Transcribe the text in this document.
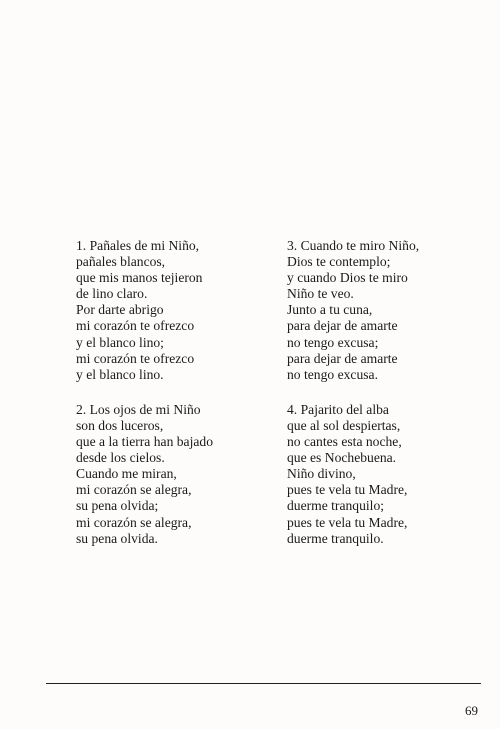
1. Pañales de mi Niño,
pañales blancos,
que mis manos tejieron
de lino claro.
Por darte abrigo
mi corazón te ofrezco
y el blanco lino;
mi corazón te ofrezco
y el blanco lino.
2. Los ojos de mi Niño
son dos luceros,
que a la tierra han bajado
desde los cielos.
Cuando me miran,
mi corazón se alegra,
su pena olvida;
mi corazón se alegra,
su pena olvida.
3. Cuando te miro Niño,
Dios te contemplo;
y cuando Dios te miro
Niño te veo.
Junto a tu cuna,
para dejar de amarte
no tengo excusa;
para dejar de amarte
no tengo excusa.
4. Pajarito del alba
que al sol despiertas,
no cantes esta noche,
que es Nochebuena.
Niño divino,
pues te vela tu Madre,
duerme tranquilo;
pues te vela tu Madre,
duerme tranquilo.
69
